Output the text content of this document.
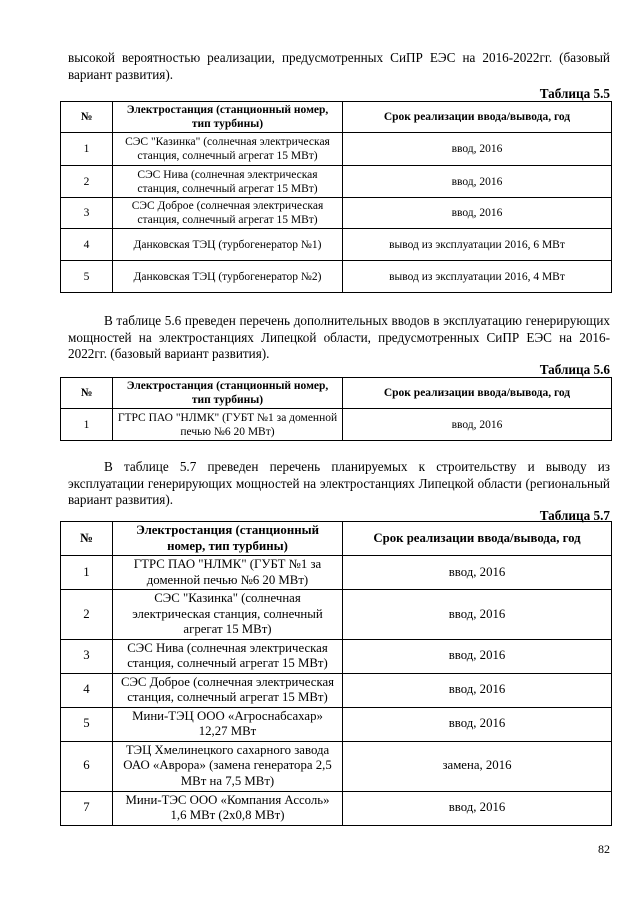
высокой вероятностью реализации, предусмотренных СиПР ЕЭС на 2016-2022гг. (базовый вариант развития).

Таблица 5.5

№	Электростанция (станционный номер, тип турбины)	Срок реализации ввода/вывода, год
1	СЭС "Казинка" (солнечная электрическая станция, солнечный агрегат 15 МВт)	ввод, 2016
2	СЭС Нива (солнечная электрическая станция, солнечный агрегат 15 МВт)	ввод, 2016
3	СЭС Доброе (солнечная электрическая станция, солнечный агрегат 15 МВт)	ввод, 2016
4	Данковская ТЭЦ (турбогенератор №1)	вывод из эксплуатации 2016, 6 МВт
5	Данковская ТЭЦ (турбогенератор №2)	вывод из эксплуатации 2016, 4 МВт

В таблице 5.6 преведен перечень дополнительных вводов в эксплуатацию генерирующих мощностей на электростанциях Липецкой области, предусмотренных СиПР ЕЭС на 2016-2022гг. (базовый вариант развития).

Таблица 5.6

№	Электростанция (станционный номер, тип турбины)	Срок реализации ввода/вывода, год
1	ГТРС ПАО "НЛМК" (ГУБТ №1 за доменной печью №6 20 МВт)	ввод, 2016

В таблице 5.7 преведен перечень планируемых к строительству и выводу из эксплуатации генерирующих мощностей на электростанциях Липецкой области (региональный вариант развития).

Таблица 5.7

№	Электростанция (станционный номер, тип турбины)	Срок реализации ввода/вывода, год
1	ГТРС ПАО "НЛМК" (ГУБТ №1 за доменной печью №6 20 МВт)	ввод, 2016
2	СЭС "Казинка" (солнечная электрическая станция, солнечный агрегат 15 МВт)	ввод, 2016
3	СЭС Нива (солнечная электрическая станция, солнечный агрегат 15 МВт)	ввод, 2016
4	СЭС Доброе (солнечная электрическая станция, солнечный агрегат 15 МВт)	ввод, 2016
5	Мини-ТЭЦ ООО «Агроснабсахар» 12,27 МВт	ввод, 2016
6	ТЭЦ Хмелинецкого сахарного завода ОАО «Аврора» (замена генератора 2,5 МВт на 7,5 МВт)	замена, 2016
7	Мини-ТЭС ООО «Компания Ассоль» 1,6 МВт (2х0,8 МВт)	ввод, 2016
82
